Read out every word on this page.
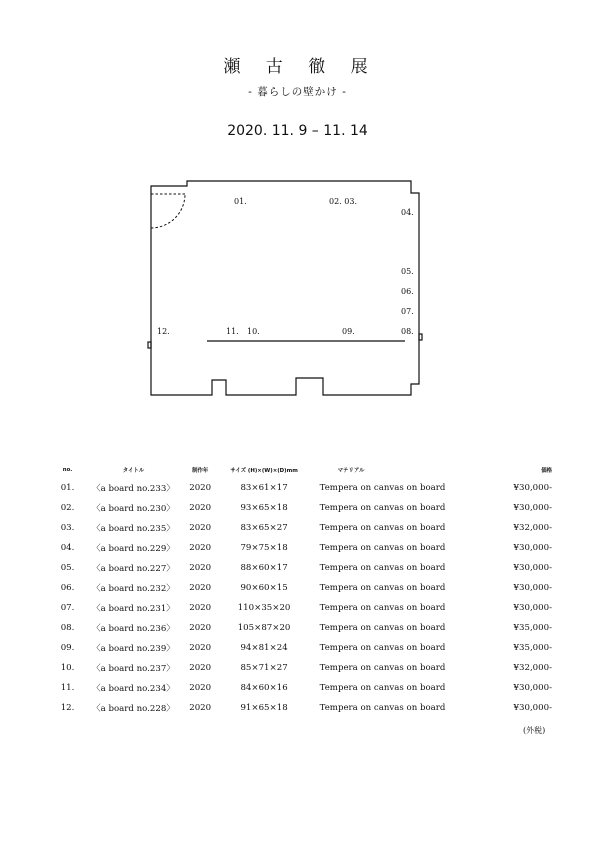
瀬 古 徹 展
- 暮らしの壁かけ -
2020. 11. 9 – 11. 14
01.	02. 03.
04.
05.
06.
07.
08.
09.
11. 10.
12.
no.	タイトル	制作年	サイズ (H)×(W)×(D)mm	マテリアル	価格
01.	〈a board no.233〉	2020	83×61×17	Tempera on canvas on board	¥30,000-
02.	〈a board no.230〉	2020	93×65×18	Tempera on canvas on board	¥30,000-
03.	〈a board no.235〉	2020	83×65×27	Tempera on canvas on board	¥32,000-
04.	〈a board no.229〉	2020	79×75×18	Tempera on canvas on board	¥30,000-
05.	〈a board no.227〉	2020	88×60×17	Tempera on canvas on board	¥30,000-
06.	〈a board no.232〉	2020	90×60×15	Tempera on canvas on board	¥30,000-
07.	〈a board no.231〉	2020	110×35×20	Tempera on canvas on board	¥30,000-
08.	〈a board no.236〉	2020	105×87×20	Tempera on canvas on board	¥35,000-
09.	〈a board no.239〉	2020	94×81×24	Tempera on canvas on board	¥35,000-
10.	〈a board no.237〉	2020	85×71×27	Tempera on canvas on board	¥32,000-
11.	〈a board no.234〉	2020	84×60×16	Tempera on canvas on board	¥30,000-
12.	〈a board no.228〉	2020	91×65×18	Tempera on canvas on board	¥30,000-
(外税)
